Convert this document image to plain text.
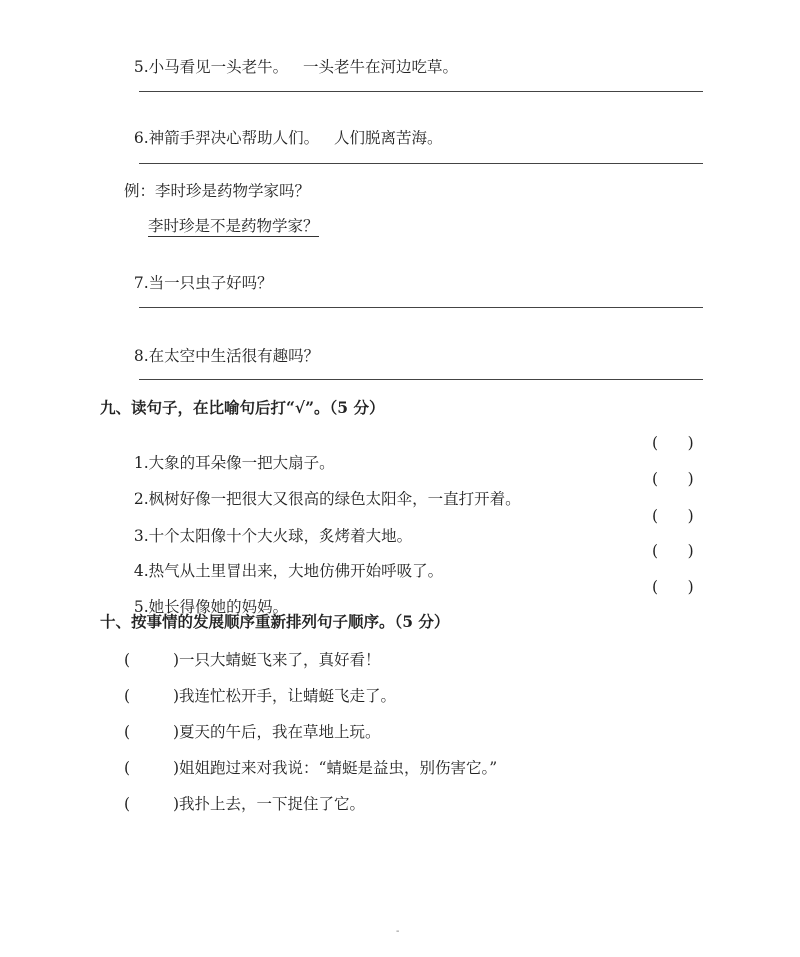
5.小马看见一头老牛。   一头老牛在河边吃草。

6.神箭手羿决心帮助人们。   人们脱离苦海。

例：李时珍是药物学家吗？
李时珍是不是药物学家？

7.当一只虫子好吗？

8.在太空中生活很有趣吗？

九、读句子，在比喻句后打“√”。（5 分）

1.大象的耳朵像一把大扇子。

(      )

2.枫树好像一把很大又很高的绿色太阳伞，一直打开着。

(      )

3.十个太阳像十个大火球，炙烤着大地。

(      )

4.热气从土里冒出来，大地仿佛开始呼吸了。

(      )

5.她长得像她的妈妈。

(      )
十、按事情的发展顺序重新排列句子顺序。（5 分）
(	)一只大蜻蜓飞来了，真好看！
(	)我连忙松开手，让蜻蜓飞走了。
(	)夏天的午后，我在草地上玩。
(	)姐姐跑过来对我说：“蜻蜓是益虫，别伤害它。”
(	)我扑上去，一下捉住了它。
-
